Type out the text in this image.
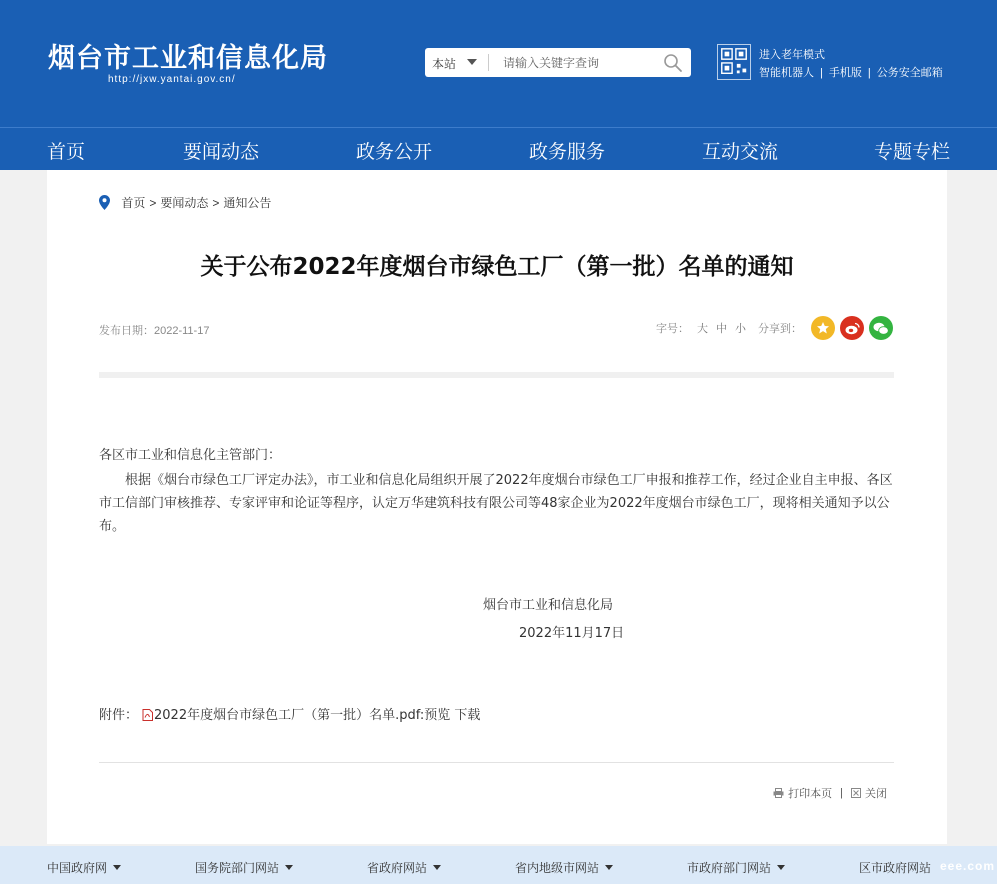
烟台市工业和信息化局
http://jxw.yantai.gov.cn/
本站
请输入关键字查询
进入老年模式
智能机器人 | 手机版 | 公务安全邮箱
首页	要闻动态	政务公开	政务服务	互动交流	专题专栏
首页 > 要闻动态 > 通知公告
关于公布2022年度烟台市绿色工厂（第一批）名单的通知
发布日期：2022-11-17	字号： 大 中 小 分享到：

各区市工业和信息化主管部门：

根据《烟台市绿色工厂评定办法》，市工业和信息化局组织开展了2022年度烟台市绿色工厂申报和推荐工作，经过企业自主申报、各区市工信部门审核推荐、专家评审和论证等程序，认定万华建筑科技有限公司等48家企业为2022年度烟台市绿色工厂，现将相关通知予以公布。

烟台市工业和信息化局
2022年11月17日
附件： 2022年度烟台市绿色工厂（第一批）名单.pdf:预览 下载
打印本页 | 关闭
中国政府网	国务院部门网站	省政府网站	省内地级市网站	市政府部门网站	区市政府网站 eee.com
